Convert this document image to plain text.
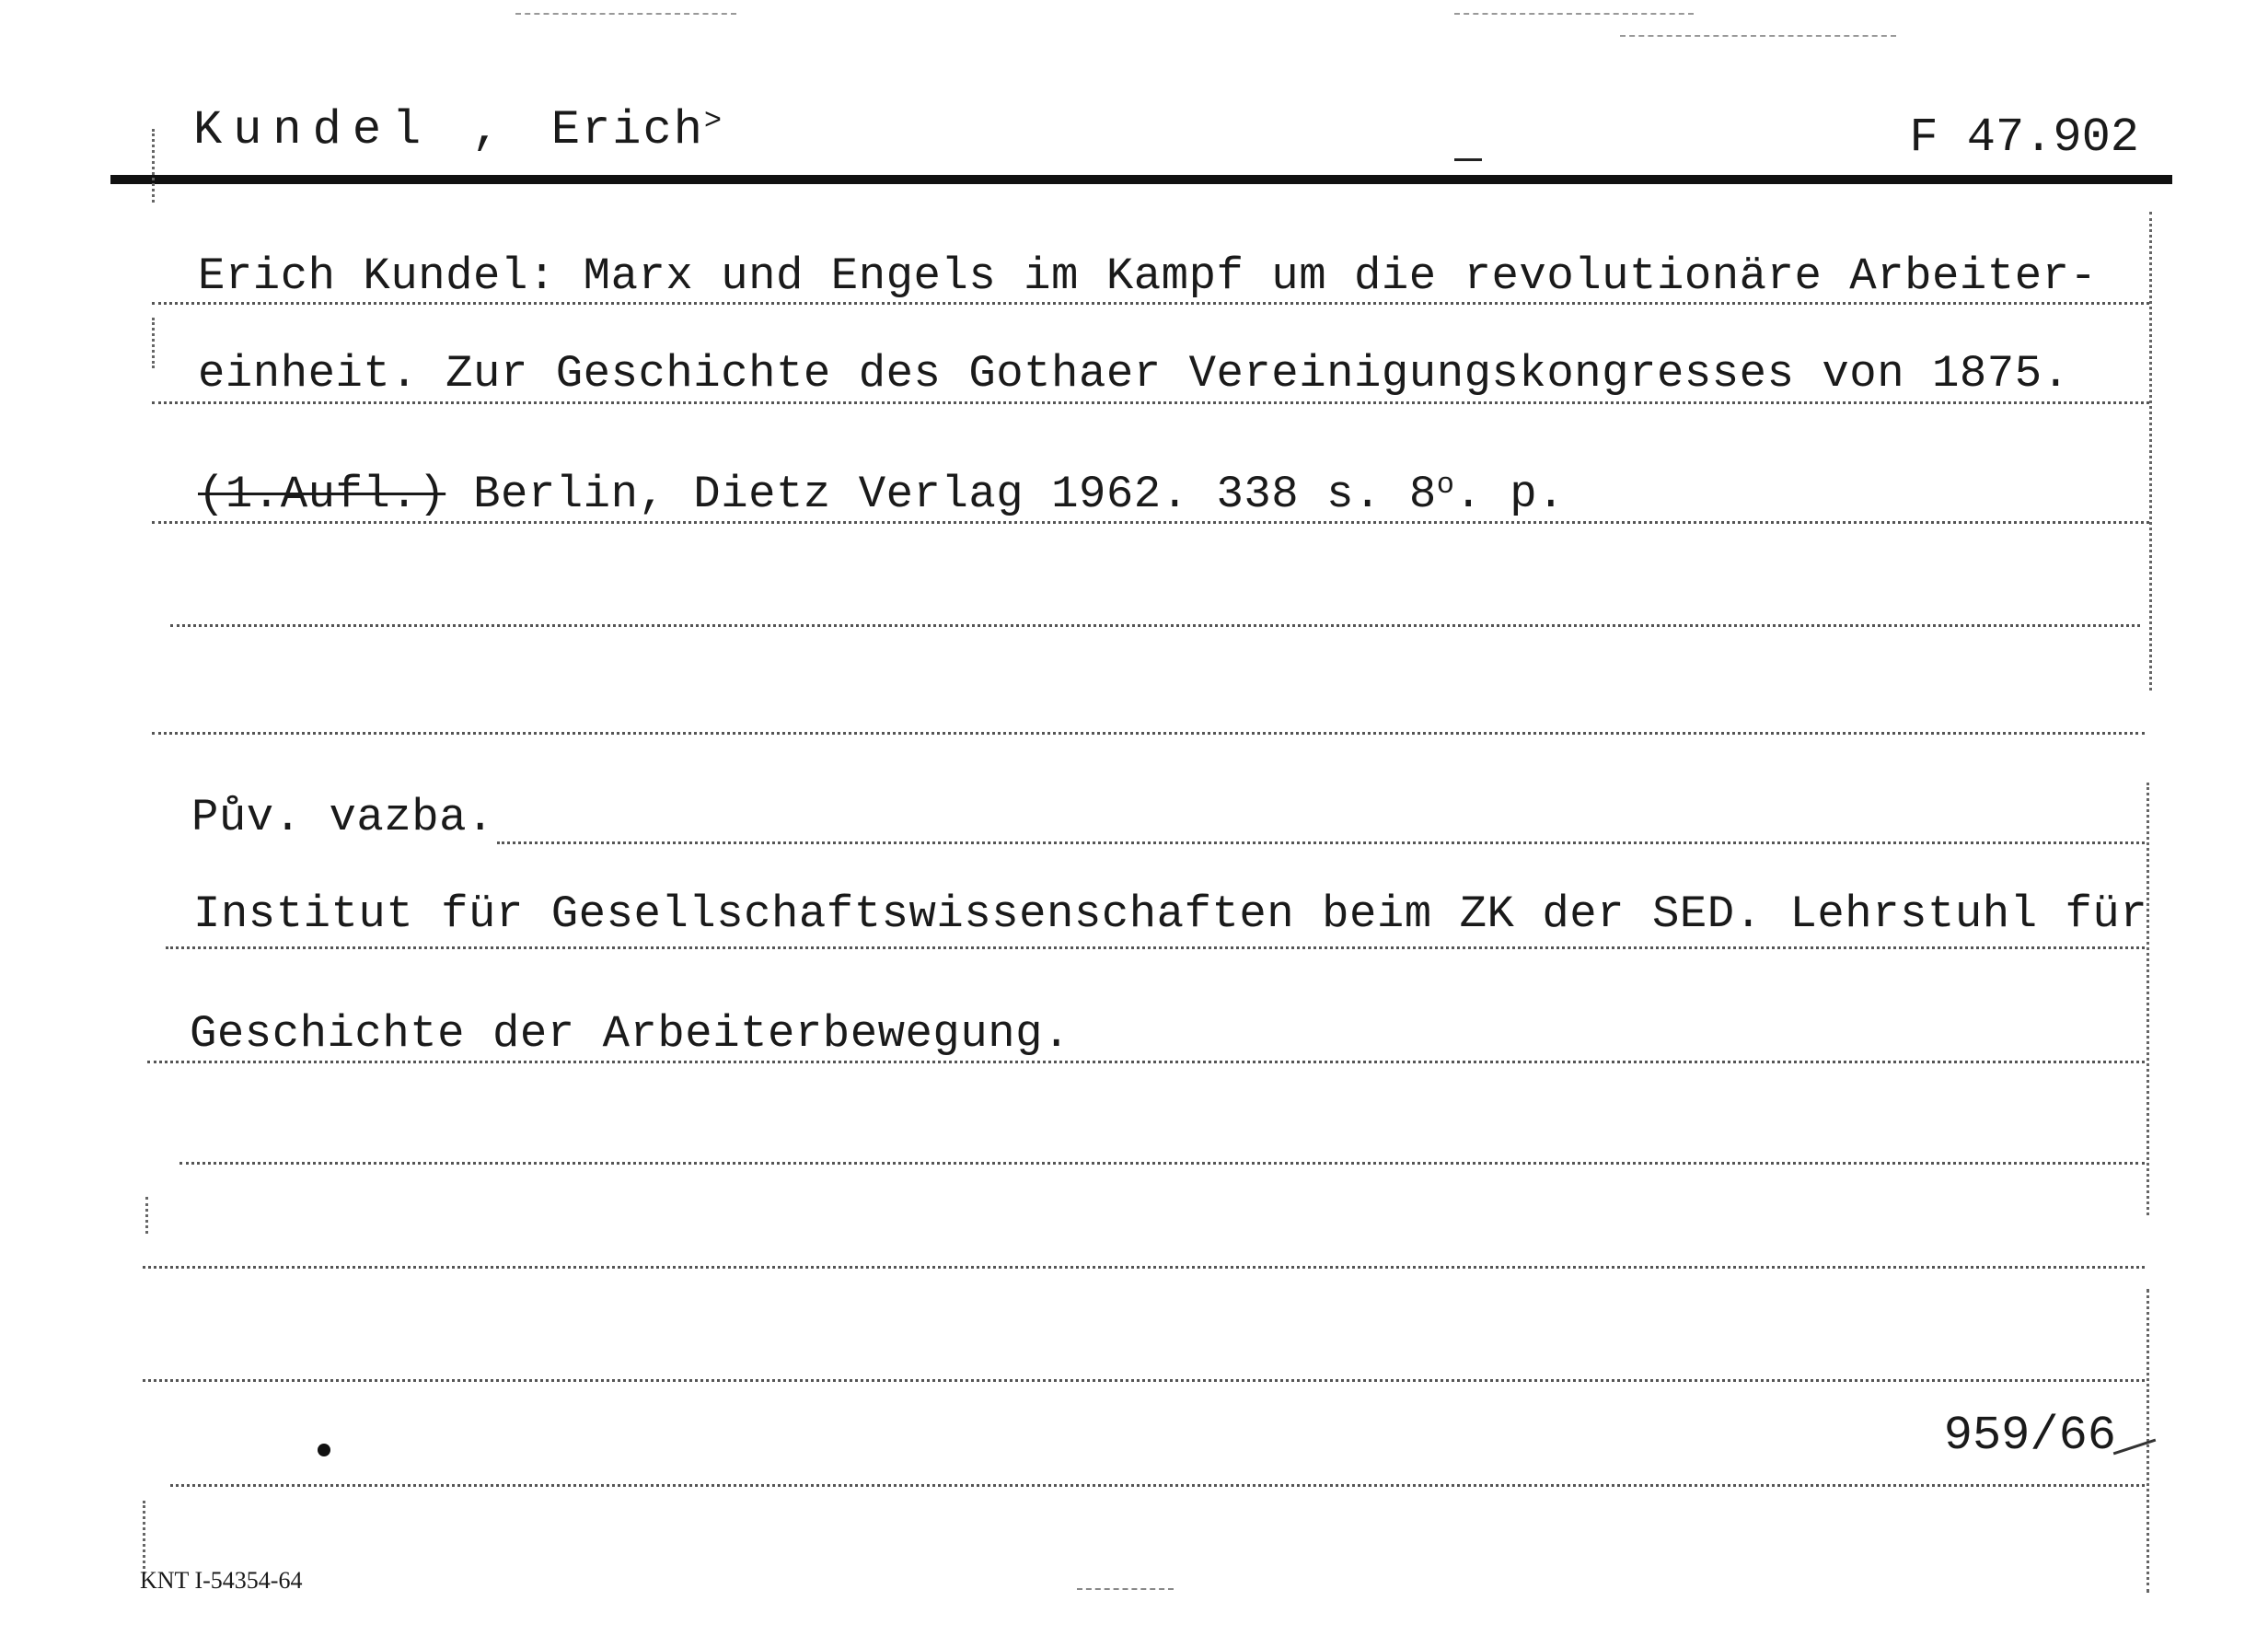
Kundel , Erich>	F 47.902
Erich Kundel: Marx und Engels im Kampf um die revolutionäre Arbeiter-
einheit. Zur Geschichte des Gothaer Vereinigungskongresses von 1875.
(1.Aufl.) Berlin, Dietz Verlag 1962. 338 s. 8$^o$. p.
Pův. vazba.
Institut für Gesellschaftswissenschaften beim ZK der SED. Lehrstuhl für
Geschichte der Arbeiterbewegung.
959/66
KNT I-54354-64
